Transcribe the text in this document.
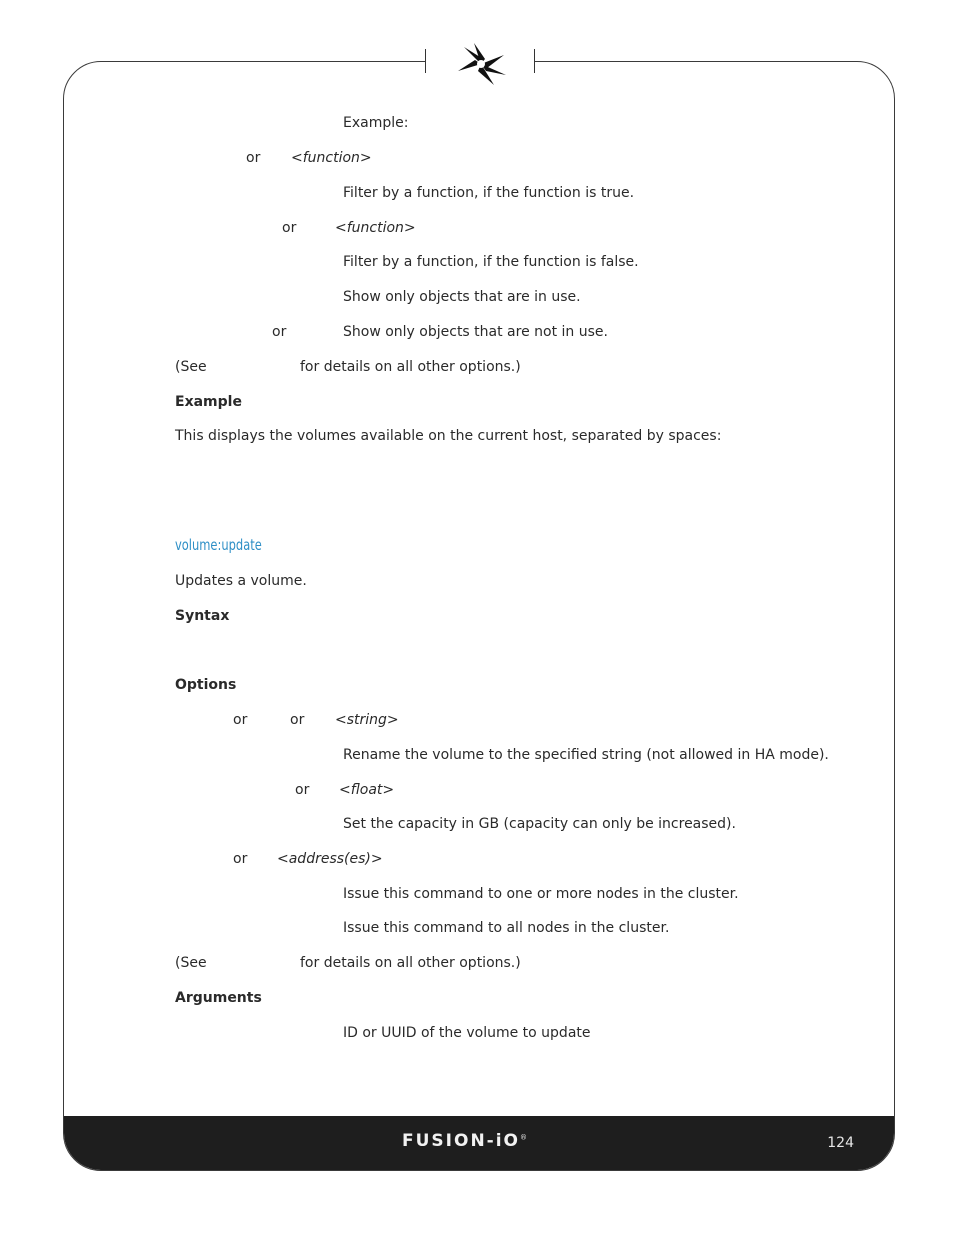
FUSION-iO®	124
Example:
or <function>
Filter by a function, if the function is true.
or	<function>
Filter by a function, if the function is false.
Show only objects that are in use.
or	Show only objects that are not in use.
(See	for details on all other options.)
Example
This displays the volumes available on the current host, separated by spaces:
volume:update
Updates a volume.
Syntax
Options
or	or <string>
Rename the volume to the specified string (not allowed in HA mode).
or <float>
Set the capacity in GB (capacity can only be increased).
or <address(es)>
Issue this command to one or more nodes in the cluster.
Issue this command to all nodes in the cluster.
(See	for details on all other options.)
Arguments
ID or UUID of the volume to update
